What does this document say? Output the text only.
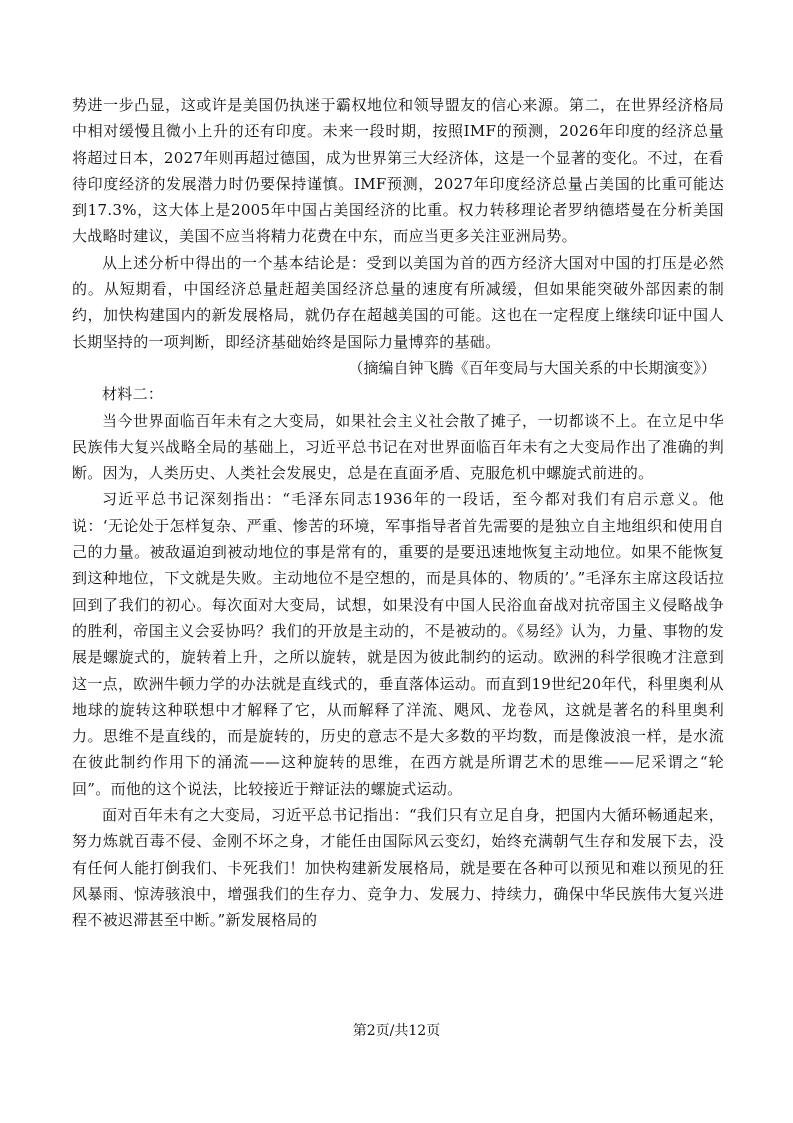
势进一步凸显，这或许是美国仍执迷于霸权地位和领导盟友的信心来源。第二，在世界经济格局中相对缓慢且微小上升的还有印度。未来一段时期，按照IMF的预测，2026年印度的经济总量将超过日本，2027年则再超过德国，成为世界第三大经济体，这是一个显著的变化。不过，在看待印度经济的发展潜力时仍要保持谨慎。IMF预测，2027年印度经济总量占美国的比重可能达到17.3%，这大体上是2005年中国占美国经济的比重。权力转移理论者罗纳德塔曼在分析美国大战略时建议，美国不应当将精力花费在中东，而应当更多关注亚洲局势。

从上述分析中得出的一个基本结论是：受到以美国为首的西方经济大国对中国的打压是必然的。从短期看，中国经济总量赶超美国经济总量的速度有所减缓，但如果能突破外部因素的制约，加快构建国内的新发展格局，就仍存在超越美国的可能。这也在一定程度上继续印证中国人长期坚持的一项判断，即经济基础始终是国际力量博弈的基础。

（摘编自钟飞腾《百年变局与大国关系的中长期演变》）

材料二：

当今世界面临百年未有之大变局，如果社会主义社会散了摊子，一切都谈不上。在立足中华民族伟大复兴战略全局的基础上，习近平总书记在对世界面临百年未有之大变局作出了准确的判断。因为，人类历史、人类社会发展史，总是在直面矛盾、克服危机中螺旋式前进的。

习近平总书记深刻指出：“毛泽东同志1936年的一段话，至今都对我们有启示意义。他说：‘无论处于怎样复杂、严重、惨苦的环境，军事指导者首先需要的是独立自主地组织和使用自己的力量。被敌逼迫到被动地位的事是常有的，重要的是要迅速地恢复主动地位。如果不能恢复到这种地位，下文就是失败。主动地位不是空想的，而是具体的、物质的’。”毛泽东主席这段话拉回到了我们的初心。每次面对大变局，试想，如果没有中国人民浴血奋战对抗帝国主义侵略战争的胜利，帝国主义会妥协吗？我们的开放是主动的，不是被动的。《易经》认为，力量、事物的发展是螺旋式的，旋转着上升，之所以旋转，就是因为彼此制约的运动。欧洲的科学很晚才注意到这一点，欧洲牛顿力学的办法就是直线式的，垂直落体运动。而直到19世纪20年代，科里奥利从地球的旋转这种联想中才解释了它，从而解释了洋流、飓风、龙卷风，这就是著名的科里奥利力。思维不是直线的，而是旋转的，历史的意志不是大多数的平均数，而是像波浪一样，是水流在彼此制约作用下的涌流——这种旋转的思维，在西方就是所谓艺术的思维——尼采谓之“轮回”。而他的这个说法，比较接近于辩证法的螺旋式运动。

面对百年未有之大变局，习近平总书记指出：“我们只有立足自身，把国内大循环畅通起来，努力炼就百毒不侵、金刚不坏之身，才能任由国际风云变幻，始终充满朝气生存和发展下去，没有任何人能打倒我们、卡死我们！加快构建新发展格局，就是要在各种可以预见和难以预见的狂风暴雨、惊涛骇浪中，增强我们的生存力、竞争力、发展力、持续力，确保中华民族伟大复兴进程不被迟滞甚至中断。”新发展格局的

第2页/共12页
